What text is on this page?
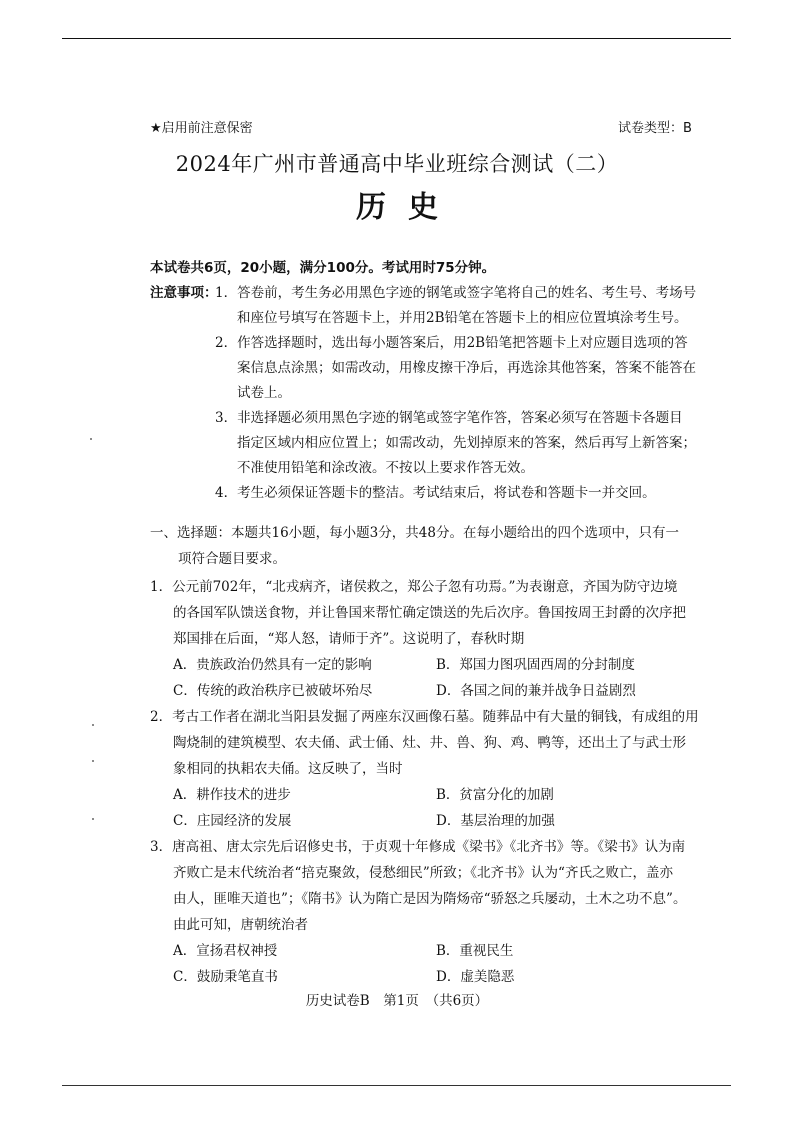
★启用前注意保密	试卷类型：B
2024年广州市普通高中毕业班综合测试（二）
历史
本试卷共6页，20小题，满分100分。考试用时75分钟。
注意事项：
1．答卷前，考生务必用黑色字迹的钢笔或签字笔将自己的姓名、考生号、考场号
和座位号填写在答题卡上，并用2B铅笔在答题卡上的相应位置填涂考生号。
2．作答选择题时，选出每小题答案后，用2B铅笔把答题卡上对应题目选项的答
案信息点涂黑；如需改动，用橡皮擦干净后，再选涂其他答案，答案不能答在
试卷上。
3．非选择题必须用黑色字迹的钢笔或签字笔作答，答案必须写在答题卡各题目
指定区域内相应位置上；如需改动，先划掉原来的答案，然后再写上新答案；
不准使用铅笔和涂改液。不按以上要求作答无效。
4．考生必须保证答题卡的整洁。考试结束后，将试卷和答题卡一并交回。
一、选择题：本题共16小题，每小题3分，共48分。在每小题给出的四个选项中，只有一
项符合题目要求。
1．公元前702年，“北戎病齐，诸侯救之，郑公子忽有功焉。”为表谢意，齐国为防守边境
的各国军队馈送食物，并让鲁国来帮忙确定馈送的先后次序。鲁国按周王封爵的次序把
郑国排在后面，“郑人怒，请师于齐”。这说明了，春秋时期
A．贵族政治仍然具有一定的影响	B．郑国力图巩固西周的分封制度
C．传统的政治秩序已被破坏殆尽	D．各国之间的兼并战争日益剧烈
2．考古工作者在湖北当阳县发掘了两座东汉画像石墓。随葬品中有大量的铜钱，有成组的用
陶烧制的建筑模型、农夫俑、武士俑、灶、井、兽、狗、鸡、鸭等，还出土了与武士形
象相同的执耜农夫俑。这反映了，当时
A．耕作技术的进步	B．贫富分化的加剧
C．庄园经济的发展	D．基层治理的加强
3．唐高祖、唐太宗先后诏修史书，于贞观十年修成《梁书》《北齐书》等。《梁书》认为南
齐败亡是末代统治者“掊克聚敛，侵愁细民”所致；《北齐书》认为“齐氏之败亡，盖亦
由人，匪唯天道也”；《隋书》认为隋亡是因为隋炀帝“骄怒之兵屡动，土木之功不息”。
由此可知，唐朝统治者
A．宣扬君权神授	B．重视民生
C．鼓励秉笔直书	D．虚美隐恶
历史试卷B　第1页　（共6页）
